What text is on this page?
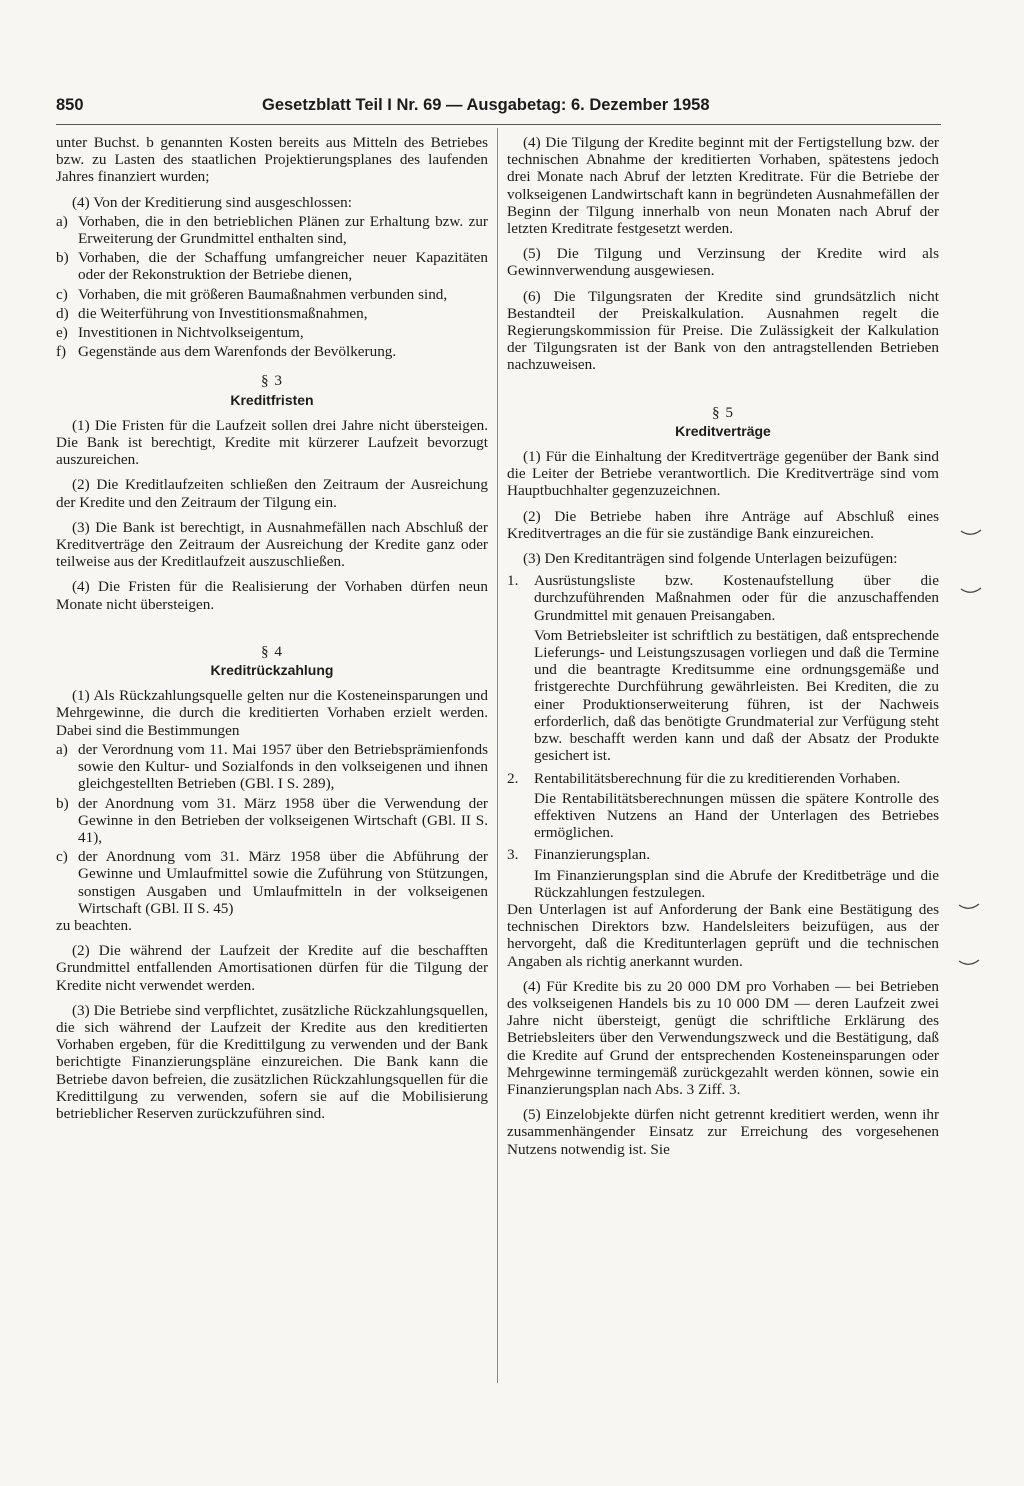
850	Gesetzblatt Teil I Nr. 69 — Ausgabetag: 6. Dezember 1958

unter Buchst. b genannten Kosten bereits aus Mitteln des Betriebes bzw. zu Lasten des staatlichen Projektierungsplanes des laufenden Jahres finanziert wurden;

(4) Von der Kreditierung sind ausgeschlossen:

a) Vorhaben, die in den betrieblichen Plänen zur Erhaltung bzw. zur Erweiterung der Grundmittel enthalten sind,

b) Vorhaben, die der Schaffung umfangreicher neuer Kapazitäten oder der Rekonstruktion der Betriebe dienen,

c) Vorhaben, die mit größeren Baumaßnahmen verbunden sind,

d) die Weiterführung von Investitionsmaßnahmen,

e) Investitionen in Nichtvolkseigentum,

f) Gegenstände aus dem Warenfonds der Bevölkerung.

§ 3

Kreditfristen

(1) Die Fristen für die Laufzeit sollen drei Jahre nicht übersteigen. Die Bank ist berechtigt, Kredite mit kürzerer Laufzeit bevorzugt auszureichen.

(2) Die Kreditlaufzeiten schließen den Zeitraum der Ausreichung der Kredite und den Zeitraum der Tilgung ein.

(3) Die Bank ist berechtigt, in Ausnahmefällen nach Abschluß der Kreditverträge den Zeitraum der Ausreichung der Kredite ganz oder teilweise aus der Kreditlaufzeit auszuschließen.

(4) Die Fristen für die Realisierung der Vorhaben dürfen neun Monate nicht übersteigen.

§ 4

Kreditrückzahlung

(1) Als Rückzahlungsquelle gelten nur die Kosteneinsparungen und Mehrgewinne, die durch die kreditierten Vorhaben erzielt werden. Dabei sind die Bestimmungen

a) der Verordnung vom 11. Mai 1957 über den Betriebsprämienfonds sowie den Kultur- und Sozialfonds in den volkseigenen und ihnen gleichgestellten Betrieben (GBl. I S. 289),

b) der Anordnung vom 31. März 1958 über die Verwendung der Gewinne in den Betrieben der volkseigenen Wirtschaft (GBl. II S. 41),

c) der Anordnung vom 31. März 1958 über die Abführung der Gewinne und Umlaufmittel sowie die Zuführung von Stützungen, sonstigen Ausgaben und Umlaufmitteln in der volkseigenen Wirtschaft (GBl. II S. 45)

zu beachten.

(2) Die während der Laufzeit der Kredite auf die beschafften Grundmittel entfallenden Amortisationen dürfen für die Tilgung der Kredite nicht verwendet werden.

(3) Die Betriebe sind verpflichtet, zusätzliche Rückzahlungsquellen, die sich während der Laufzeit der Kredite aus den kreditierten Vorhaben ergeben, für die Kredittilgung zu verwenden und der Bank berichtigte Finanzierungspläne einzureichen. Die Bank kann die Betriebe davon befreien, die zusätzlichen Rückzahlungsquellen für die Kredittilgung zu verwenden, sofern sie auf die Mobilisierung betrieblicher Reserven zurückzuführen sind.

(4) Die Tilgung der Kredite beginnt mit der Fertigstellung bzw. der technischen Abnahme der kreditierten Vorhaben, spätestens jedoch drei Monate nach Abruf der letzten Kreditrate. Für die Betriebe der volkseigenen Landwirtschaft kann in begründeten Ausnahmefällen der Beginn der Tilgung innerhalb von neun Monaten nach Abruf der letzten Kreditrate festgesetzt werden.

(5) Die Tilgung und Verzinsung der Kredite wird als Gewinnverwendung ausgewiesen.

(6) Die Tilgungsraten der Kredite sind grundsätzlich nicht Bestandteil der Preiskalkulation. Ausnahmen regelt die Regierungskommission für Preise. Die Zulässigkeit der Kalkulation der Tilgungsraten ist der Bank von den antragstellenden Betrieben nachzuweisen.

§ 5

Kreditverträge

(1) Für die Einhaltung der Kreditverträge gegenüber der Bank sind die Leiter der Betriebe verantwortlich. Die Kreditverträge sind vom Hauptbuchhalter gegenzuzeichnen.

(2) Die Betriebe haben ihre Anträge auf Abschluß eines Kreditvertrages an die für sie zuständige Bank einzureichen.

(3) Den Kreditanträgen sind folgende Unterlagen beizufügen:

1. Ausrüstungsliste bzw. Kostenaufstellung über die durchzuführenden Maßnahmen oder für die anzuschaffenden Grundmittel mit genauen Preisangaben.

Vom Betriebsleiter ist schriftlich zu bestätigen, daß entsprechende Lieferungs- und Leistungszusagen vorliegen und daß die Termine und die beantragte Kreditsumme eine ordnungsgemäße und fristgerechte Durchführung gewährleisten. Bei Krediten, die zu einer Produktionserweiterung führen, ist der Nachweis erforderlich, daß das benötigte Grundmaterial zur Verfügung steht bzw. beschafft werden kann und daß der Absatz der Produkte gesichert ist.

2. Rentabilitätsberechnung für die zu kreditierenden Vorhaben.

Die Rentabilitätsberechnungen müssen die spätere Kontrolle des effektiven Nutzens an Hand der Unterlagen des Betriebes ermöglichen.

3. Finanzierungsplan.

Im Finanzierungsplan sind die Abrufe der Kreditbeträge und die Rückzahlungen festzulegen.

Den Unterlagen ist auf Anforderung der Bank eine Bestätigung des technischen Direktors bzw. Handelsleiters beizufügen, aus der hervorgeht, daß die Kreditunterlagen geprüft und die technischen Angaben als richtig anerkannt wurden.

(4) Für Kredite bis zu 20 000 DM pro Vorhaben — bei Betrieben des volkseigenen Handels bis zu 10 000 DM — deren Laufzeit zwei Jahre nicht übersteigt, genügt die schriftliche Erklärung des Betriebsleiters über den Verwendungszweck und die Bestätigung, daß die Kredite auf Grund der entsprechenden Kosteneinsparungen oder Mehrgewinne termingemäß zurückgezahlt werden können, sowie ein Finanzierungsplan nach Abs. 3 Ziff. 3.

(5) Einzelobjekte dürfen nicht getrennt kreditiert werden, wenn ihr zusammenhängender Einsatz zur Erreichung des vorgesehenen Nutzens notwendig ist. Sie
